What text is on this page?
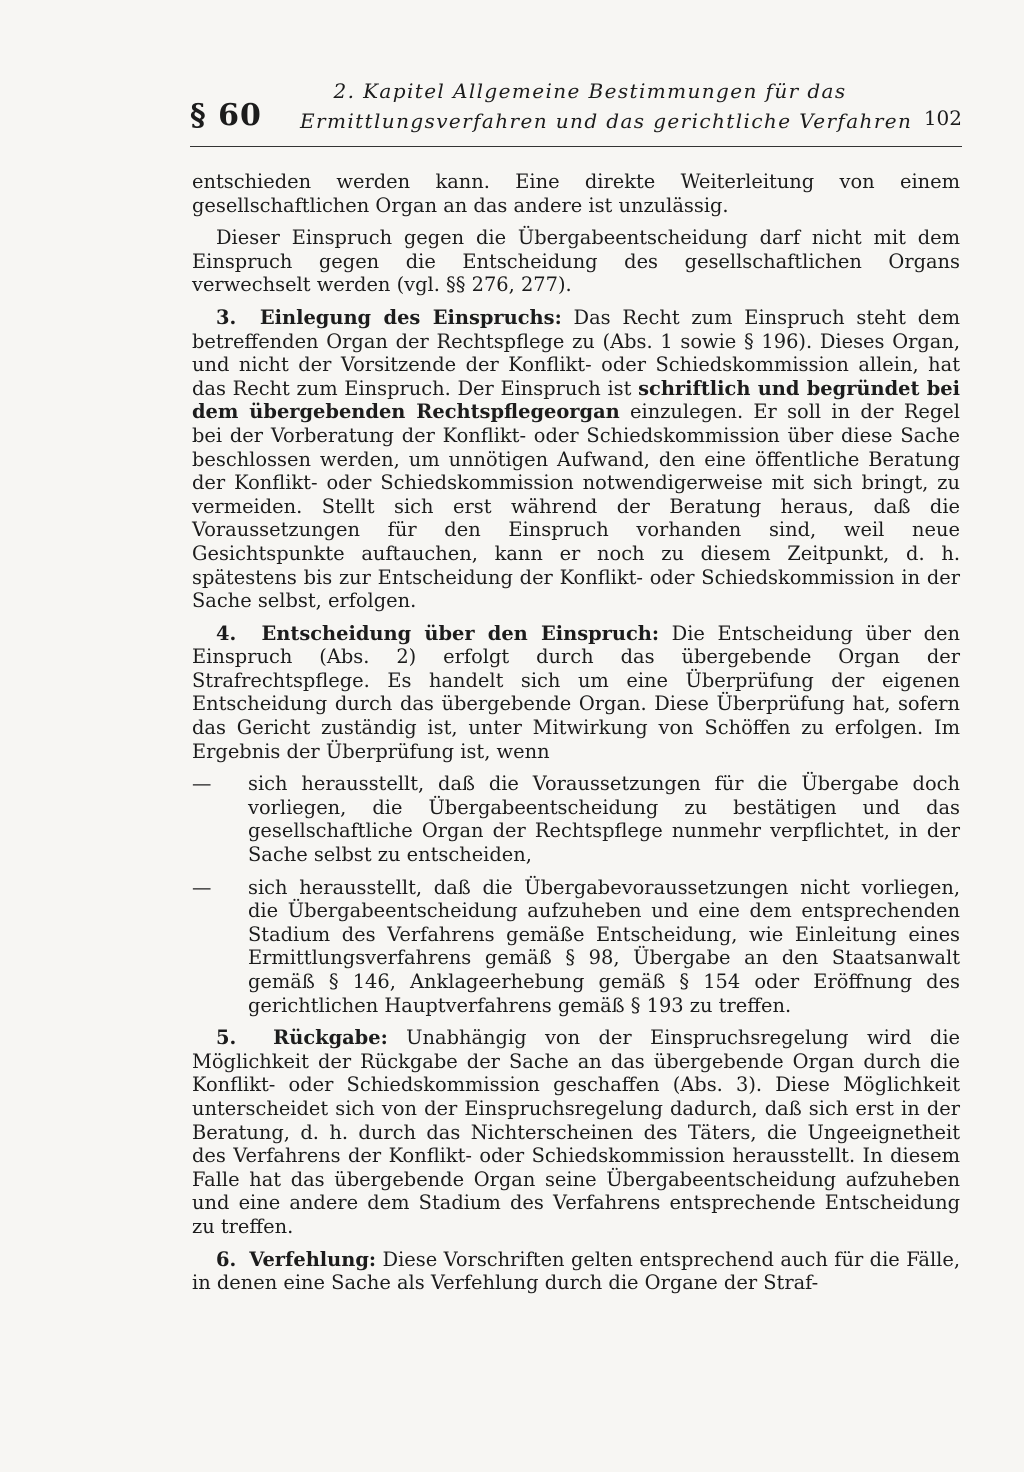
§ 60
2. Kapitel Allgemeine Bestimmungen für das
Ermittlungsverfahren und das gerichtliche Verfahren 102

entschieden werden kann. Eine direkte Weiterleitung von einem gesellschaftlichen Organ an das andere ist unzulässig.

Dieser Einspruch gegen die Übergabeentscheidung darf nicht mit dem Einspruch gegen die Entscheidung des gesellschaftlichen Organs verwechselt werden (vgl. §§ 276, 277).

3. Einlegung des Einspruchs: Das Recht zum Einspruch steht dem betreffenden Organ der Rechtspflege zu (Abs. 1 sowie § 196). Dieses Organ, und nicht der Vorsitzende der Konflikt- oder Schiedskommission allein, hat das Recht zum Einspruch. Der Einspruch ist schriftlich und begründet bei dem übergebenden Rechtspflegeorgan einzulegen. Er soll in der Regel bei der Vorberatung der Konflikt- oder Schiedskommission über diese Sache beschlossen werden, um unnötigen Aufwand, den eine öffentliche Beratung der Konflikt- oder Schiedskommission notwendigerweise mit sich bringt, zu vermeiden. Stellt sich erst während der Beratung heraus, daß die Voraussetzungen für den Einspruch vorhanden sind, weil neue Gesichtspunkte auftauchen, kann er noch zu diesem Zeitpunkt, d. h. spätestens bis zur Entscheidung der Konflikt- oder Schiedskommission in der Sache selbst, erfolgen.

4. Entscheidung über den Einspruch: Die Entscheidung über den Einspruch (Abs. 2) erfolgt durch das übergebende Organ der Strafrechtspflege. Es handelt sich um eine Überprüfung der eigenen Entscheidung durch das übergebende Organ. Diese Überprüfung hat, sofern das Gericht zuständig ist, unter Mitwirkung von Schöffen zu erfolgen. Im Ergebnis der Überprüfung ist, wenn

—	sich herausstellt, daß die Voraussetzungen für die Übergabe doch vorliegen, die Übergabeentscheidung zu bestätigen und das gesellschaftliche Organ der Rechtspflege nunmehr verpflichtet, in der Sache selbst zu entscheiden,

—	sich herausstellt, daß die Übergabevoraussetzungen nicht vorliegen, die Übergabeentscheidung aufzuheben und eine dem entsprechenden Stadium des Verfahrens gemäße Entscheidung, wie Einleitung eines Ermittlungsverfahrens gemäß § 98, Übergabe an den Staatsanwalt gemäß § 146, Anklageerhebung gemäß § 154 oder Eröffnung des gerichtlichen Hauptverfahrens gemäß § 193 zu treffen.

5. Rückgabe: Unabhängig von der Einspruchsregelung wird die Möglichkeit der Rückgabe der Sache an das übergebende Organ durch die Konflikt- oder Schiedskommission geschaffen (Abs. 3). Diese Möglichkeit unterscheidet sich von der Einspruchsregelung dadurch, daß sich erst in der Beratung, d. h. durch das Nichterscheinen des Täters, die Ungeeignetheit des Verfahrens der Konflikt- oder Schiedskommission herausstellt. In diesem Falle hat das übergebende Organ seine Übergabeentscheidung aufzuheben und eine andere dem Stadium des Verfahrens entsprechende Entscheidung zu treffen.

6. Verfehlung: Diese Vorschriften gelten entsprechend auch für die Fälle, in denen eine Sache als Verfehlung durch die Organe der Straf-
